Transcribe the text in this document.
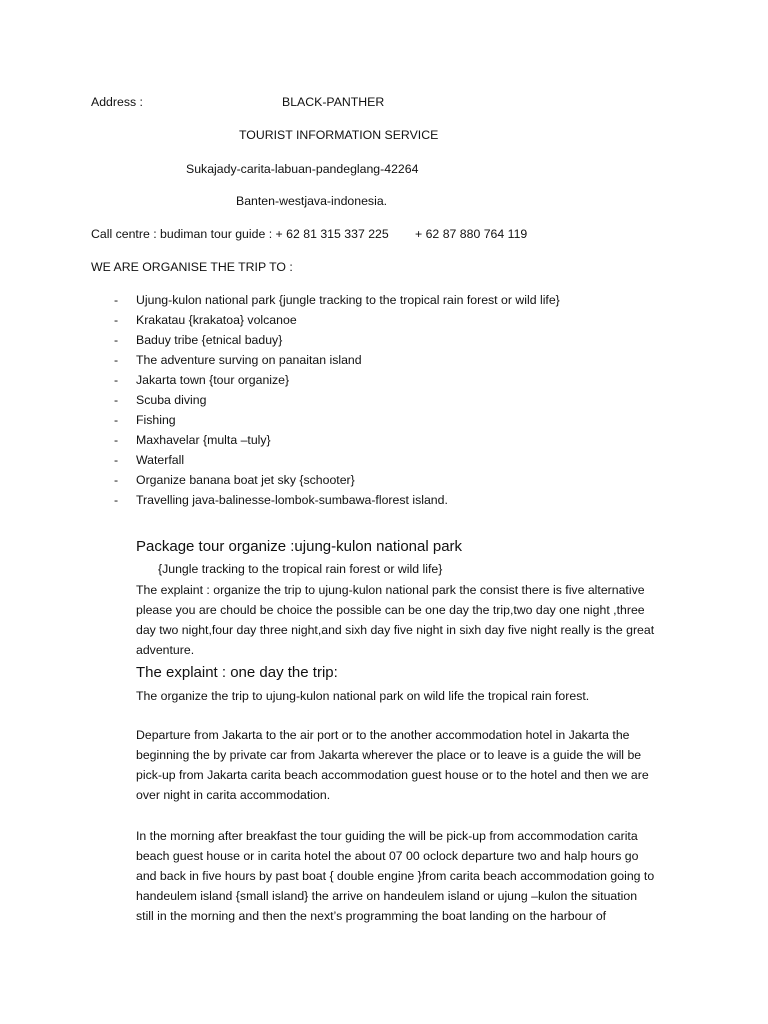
Address :	BLACK-PANTHER
TOURIST INFORMATION SERVICE
Sukajady-carita-labuan-pandeglang-42264
Banten-westjava-indonesia.
Call centre : budiman tour guide : + 62 81 315 337 225 + 62 87 880 764 119
WE ARE ORGANISE THE TRIP TO :
- Ujung-kulon national park {jungle tracking to the tropical rain forest or wild life}
- Krakatau {krakatoa} volcanoe
- Baduy tribe {etnical baduy}
- The adventure surving on panaitan island
- Jakarta town {tour organize}
- Scuba diving
- Fishing
- Maxhavelar {multa –tuly}
- Waterfall
- Organize banana boat jet sky {schooter}
- Travelling java-balinesse-lombok-sumbawa-florest island.
Package tour organize :ujung-kulon national park
{Jungle tracking to the tropical rain forest or wild life}
The explaint : organize the trip to ujung-kulon national park the consist there is five alternative
please you are chould be choice the possible can be one day the trip,two day one night ,three
day two night,four day three night,and sixh day five night in sixh day five night really is the great
adventure.
The explaint : one day the trip:
The organize the trip to ujung-kulon national park on wild life the tropical rain forest.
Departure from Jakarta to the air port or to the another accommodation hotel in Jakarta the
beginning the by private car from Jakarta wherever the place or to leave is a guide the will be
pick-up from Jakarta carita beach accommodation guest house or to the hotel and then we are
over night in carita accommodation.
In the morning after breakfast the tour guiding the will be pick-up from accommodation carita
beach guest house or in carita hotel the about 07 00 oclock departure two and halp hours go
and back in five hours by past boat { double engine }from carita beach accommodation going to
handeulem island {small island} the arrive on handeulem island or ujung –kulon the situation
still in the morning and then the next’s programming the boat landing on the harbour of
